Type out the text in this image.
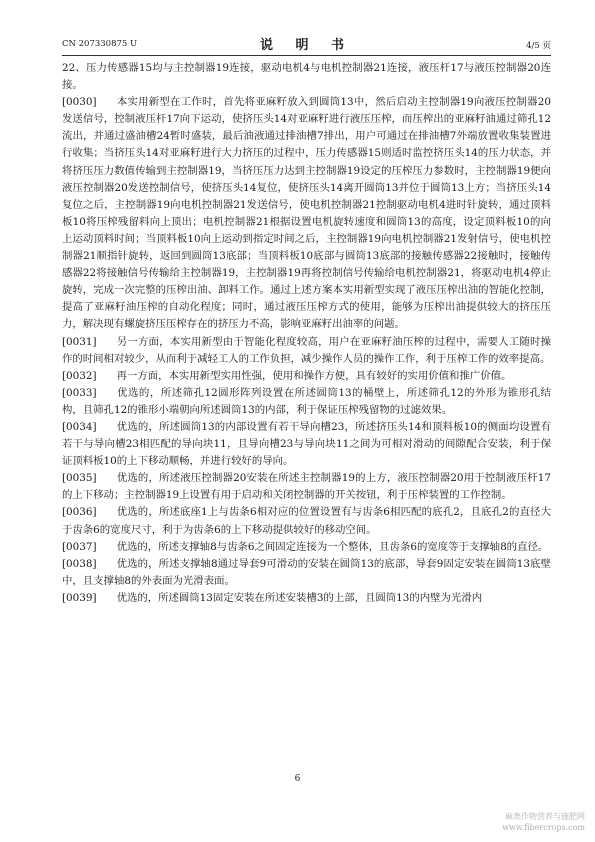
CN 207330875 U	说 明 书	4/5 页

22、压力传感器15均与主控制器19连接，驱动电机4与电机控制器21连接，液压杆17与液压控制器20连接。

[0030] 本实用新型在工作时，首先将亚麻籽放入到圆筒13中，然后启动主控制器19向液压控制器20发送信号，控制液压杆17向下运动，使挤压头14对亚麻籽进行液压压榨，而压榨出的亚麻籽油通过筛孔12流出，并通过盛油槽24暂时盛装，最后油液通过排油槽7排出，用户可通过在排油槽7外端放置收集装置进行收集；当挤压头14对亚麻籽进行大力挤压的过程中，压力传感器15则适时监控挤压头14的压力状态，并将挤压压力数值传输到主控制器19，当挤压压力达到主控制器19设定的压榨压力参数时，主控制器19便向液压控制器20发送控制信号，使挤压头14复位，使挤压头14离开圆筒13并位于圆筒13上方；当挤压头14复位之后，主控制器19向电机控制器21发送信号，使电机控制器21控制驱动电机4进时针旋转，通过顶料板10将压榨残留料向上顶出；电机控制器21根据设置电机旋转速度和圆筒13的高度，设定顶料板10的向上运动顶料时间；当顶料板10向上运动到指定时间之后，主控制器19向电机控制器21发射信号，使电机控制器21顺指针旋转，返回到圆筒13底部；当顶料板10底部与圆筒13底部的接触传感器22接触时，接触传感器22将接触信号传输给主控制器19，主控制器19再将控制信号传输给电机控制器21，将驱动电机4停止旋转，完成一次完整的压榨出油、卸料工作。通过上述方案本实用新型实现了液压压榨出油的智能化控制，提高了亚麻籽油压榨的自动化程度；同时，通过液压压榨方式的使用，能够为压榨出油提供较大的挤压压力，解决现有螺旋挤压压榨存在的挤压力不高，影响亚麻籽出油率的问题。

[0031] 另一方面，本实用新型由于智能化程度较高，用户在亚麻籽油压榨的过程中，需要人工随时操作的时间相对较少，从而利于减轻工人的工作负担，减少操作人员的操作工作，利于压榨工作的效率提高。

[0032] 再一方面，本实用新型实用性强，使用和操作方便，具有较好的实用价值和推广价值。

[0033] 优选的，所述筛孔12圆形阵列设置在所述圆筒13的桶壁上，所述筛孔12的外形为锥形孔结构，且筛孔12的锥形小端朝向所述圆筒13的内部，利于保证压榨残留物的过滤效果。

[0034] 优选的，所述圆筒13的内部设置有若干导向槽23，所述挤压头14和顶料板10的侧面均设置有若干与导向槽23相匹配的导向块11，且导向槽23与导向块11之间为可相对滑动的间隙配合安装，利于保证顶料板10的上下移动顺畅，并进行较好的导向。

[0035] 优选的，所述液压控制器20安装在所述主控制器19的上方，液压控制器20用于控制液压杆17的上下移动；主控制器19上设置有用于启动和关闭控制器的开关按钮，利于压榨装置的工作控制。

[0036] 优选的，所述底座1上与齿条6相对应的位置设置有与齿条6相匹配的底孔2，且底孔2的直径大于齿条6的宽度尺寸，利于为齿条6的上下移动提供较好的移动空间。

[0037] 优选的，所述支撑轴8与齿条6之间固定连接为一个整体，且齿条6的宽度等于支撑轴8的直径。

[0038] 优选的，所述支撑轴8通过导套9可滑动的安装在圆筒13的底部，导套9固定安装在圆筒13底壁中，且支撑轴8的外表面为光滑表面。

[0039] 优选的，所述圆筒13固定安装在所述安装槽3的上部，且圆筒13的内壁为光滑内

6
麻类作物营养与施肥网
www.fibercrops.com
